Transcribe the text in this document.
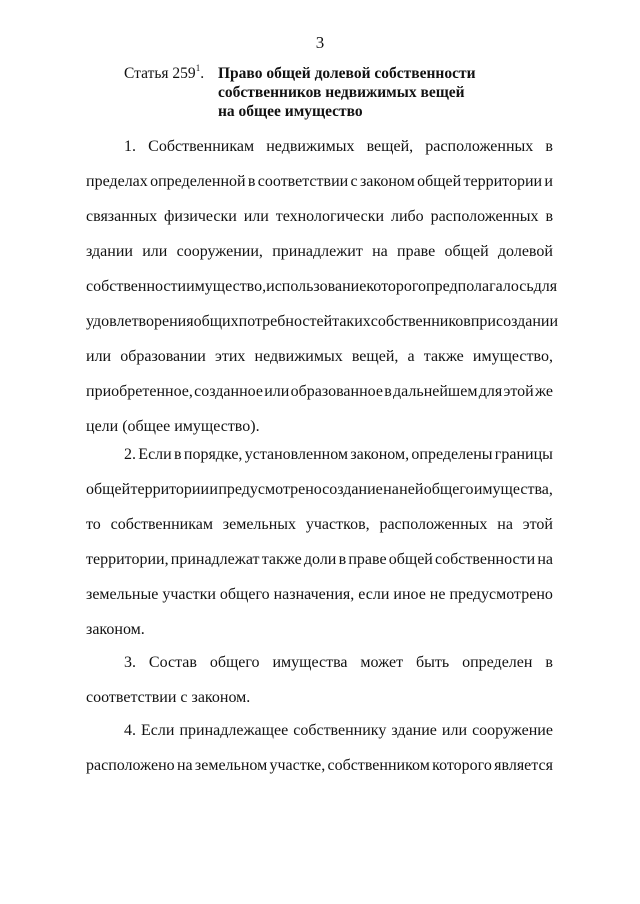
3
Статья $259^1$. Право общей долевой собственности
собственников недвижимых вещей
на общее имущество
1. Собственникам недвижимых вещей, расположенных в
пределах определенной в соответствии с законом общей территории и
связанных физически или технологически либо расположенных в
здании или сооружении, принадлежит на праве общей долевой
собственности имущество, использование которого предполагалось для
удовлетворения общих потребностей таких собственников при создании
или образовании этих недвижимых вещей, а также имущество,
приобретенное, созданное или образованное в дальнейшем для этой же
цели (общее имущество).
2. Если в порядке, установленном законом, определены границы
общей территории и предусмотрено создание на ней общего имущества,
то собственникам земельных участков, расположенных на этой
территории, принадлежат также доли в праве общей собственности на
земельные участки общего назначения, если иное не предусмотрено
законом.
3. Состав общего имущества может быть определен в
соответствии с законом.
4. Если принадлежащее собственнику здание или сооружение
расположено на земельном участке, собственником которого является
